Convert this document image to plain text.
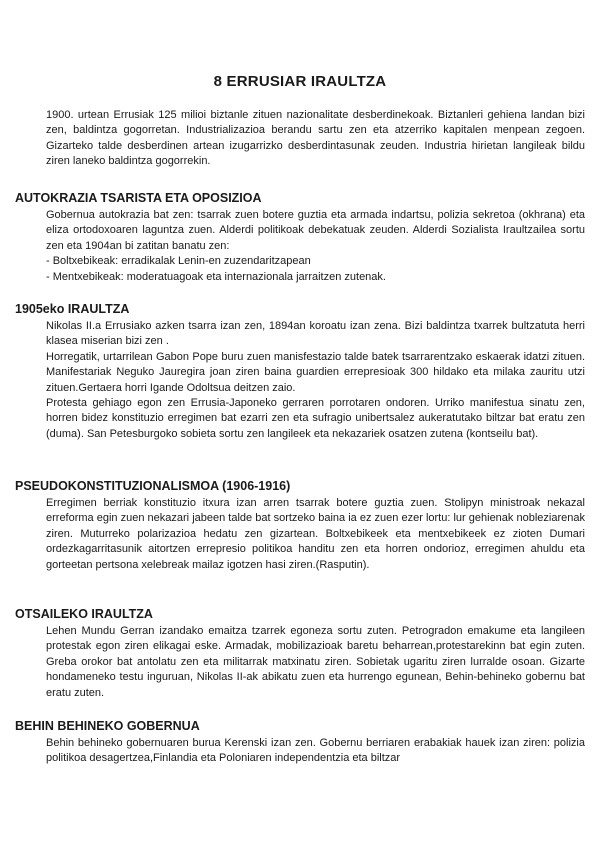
8 ERRUSIAR IRAULTZA

1900. urtean Errusiak 125 milioi biztanle zituen nazionalitate desberdinekoak. Biztanleri gehiena landan bizi zen, baldintza gogorretan. Industrializazioa berandu sartu zen eta atzerriko kapitalen menpean zegoen. Gizarteko talde desberdinen artean izugarrizko desberdintasunak zeuden. Industria hirietan langileak bildu ziren laneko baldintza gogorrekin.

AUTOKRAZIA TSARISTA ETA OPOSIZIOA

Gobernua autokrazia bat zen: tsarrak zuen botere guztia eta armada indartsu, polizia sekretoa (okhrana) eta eliza ortodoxoaren laguntza zuen. Alderdi politikoak debekatuak zeuden. Alderdi Sozialista Iraultzailea sortu zen eta 1904an bi zatitan banatu zen:

- Boltxebikeak: erradikalak Lenin-en zuzendaritzapean

- Mentxebikeak: moderatuagoak eta internazionala jarraitzen zutenak.

1905eko IRAULTZA

Nikolas II.a Errusiako azken tsarra izan zen, 1894an koroatu izan zena. Bizi baldintza txarrek bultzatuta herri klasea miserian bizi zen .

Horregatik, urtarrilean Gabon Pope buru zuen manisfestazio talde batek tsarrarentzako eskaerak idatzi zituen. Manifestariak Neguko Jauregira joan ziren baina guardien errepresioak 300 hildako eta milaka zauritu utzi zituen.Gertaera horri Igande Odoltsua deitzen zaio.

Protesta gehiago egon zen Errusia-Japoneko gerraren porrotaren ondoren. Urriko manifestua sinatu zen, horren bidez konstituzio erregimen bat ezarri zen eta sufragio unibertsalez aukeratutako biltzar bat eratu zen (duma). San Petesburgoko sobieta sortu zen langileek eta nekazariek osatzen zutena (kontseilu bat).

PSEUDOKONSTITUZIONALISMOA (1906-1916)

Erregimen berriak konstituzio itxura izan arren tsarrak botere guztia zuen. Stolipyn ministroak nekazal erreforma egin zuen nekazari jabeen talde bat sortzeko baina ia ez zuen ezer lortu: lur gehienak nobleziarenak ziren. Muturreko polarizazioa hedatu zen gizartean. Boltxebikeek eta mentxebikeek ez zioten Dumari ordezkagarritasunik aitortzen errepresio politikoa handitu zen eta horren ondorioz, erregimen ahuldu eta gorteetan pertsona xelebreak mailaz igotzen hasi ziren.(Rasputin).

OTSAILEKO IRAULTZA

Lehen Mundu Gerran izandako emaitza tzarrek egoneza sortu zuten. Petrogradon emakume eta langileen protestak egon ziren elikagai eske. Armadak, mobilizazioak baretu beharrean,protestarekinn bat egin zuten. Greba orokor bat antolatu zen eta militarrak matxinatu ziren. Sobietak ugaritu ziren lurralde osoan. Gizarte hondameneko testu inguruan, Nikolas II-ak abikatu zuen eta hurrengo egunean, Behin-behineko gobernu bat eratu zuten.

BEHIN BEHINEKO GOBERNUA

Behin behineko gobernuaren burua Kerenski izan zen. Gobernu berriaren erabakiak hauek izan ziren: polizia politikoa desagertzea,Finlandia eta Poloniaren independentzia eta biltzar
